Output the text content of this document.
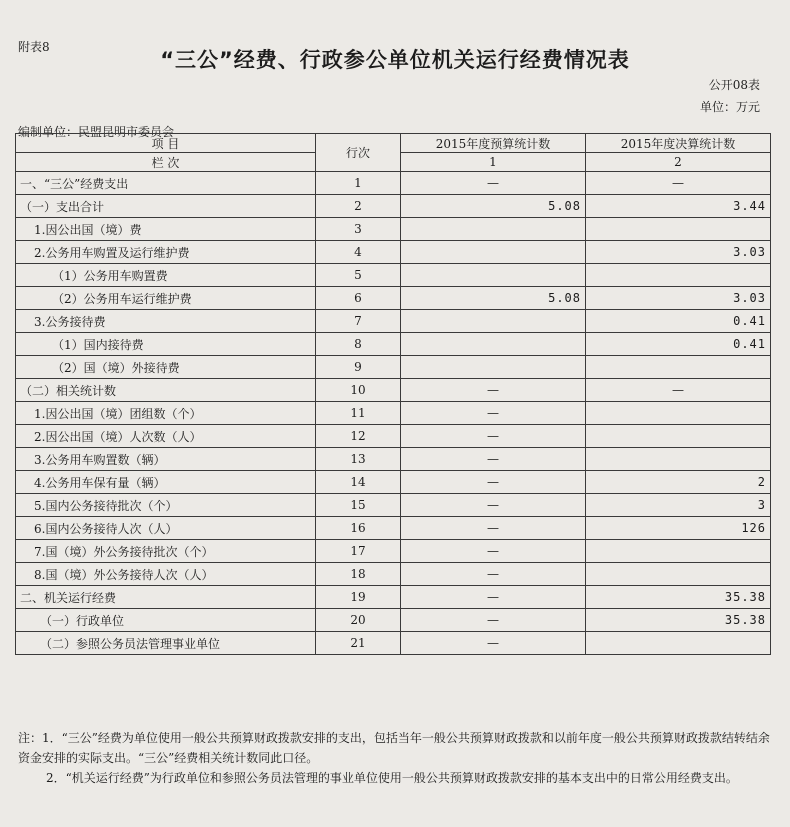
附表8
“三公”经费、行政参公单位机关运行经费情况表
公开08表
单位：万元
编制单位：民盟昆明市委员会
项 目	行次	2015年度预算统计数	2015年度决算统计数
栏 次		1	2
一、“三公”经费支出	1	—	—
（一）支出合计	2	5.08	3.44
1.因公出国（境）费	3		
2.公务用车购置及运行维护费	4		3.03
（1）公务用车购置费	5		
（2）公务用车运行维护费	6	5.08	3.03
3.公务接待费	7		0.41
（1）国内接待费	8		0.41
（2）国（境）外接待费	9		
（二）相关统计数	10	—	—
1.因公出国（境）团组数（个）	11	—	
2.因公出国（境）人次数（人）	12	—	
3.公务用车购置数（辆）	13	—	
4.公务用车保有量（辆）	14	—	2
5.国内公务接待批次（个）	15	—	3
6.国内公务接待人次（人）	16	—	126
7.国（境）外公务接待批次（个）	17	—	
8.国（境）外公务接待人次（人）	18	—	
二、机关运行经费	19	—	35.38
（一）行政单位	20	—	35.38
（二）参照公务员法管理事业单位	21	—	

注：1．“三公”经费为单位使用一般公共预算财政拨款安排的支出，包括当年一般公共预算财政拨款和以前年度一般公共预算财政拨款结转结余资金安排的实际支出。“三公”经费相关统计数同此口径。

2．“机关运行经费”为行政单位和参照公务员法管理的事业单位使用一般公共预算财政拨款安排的基本支出中的日常公用经费支出。
